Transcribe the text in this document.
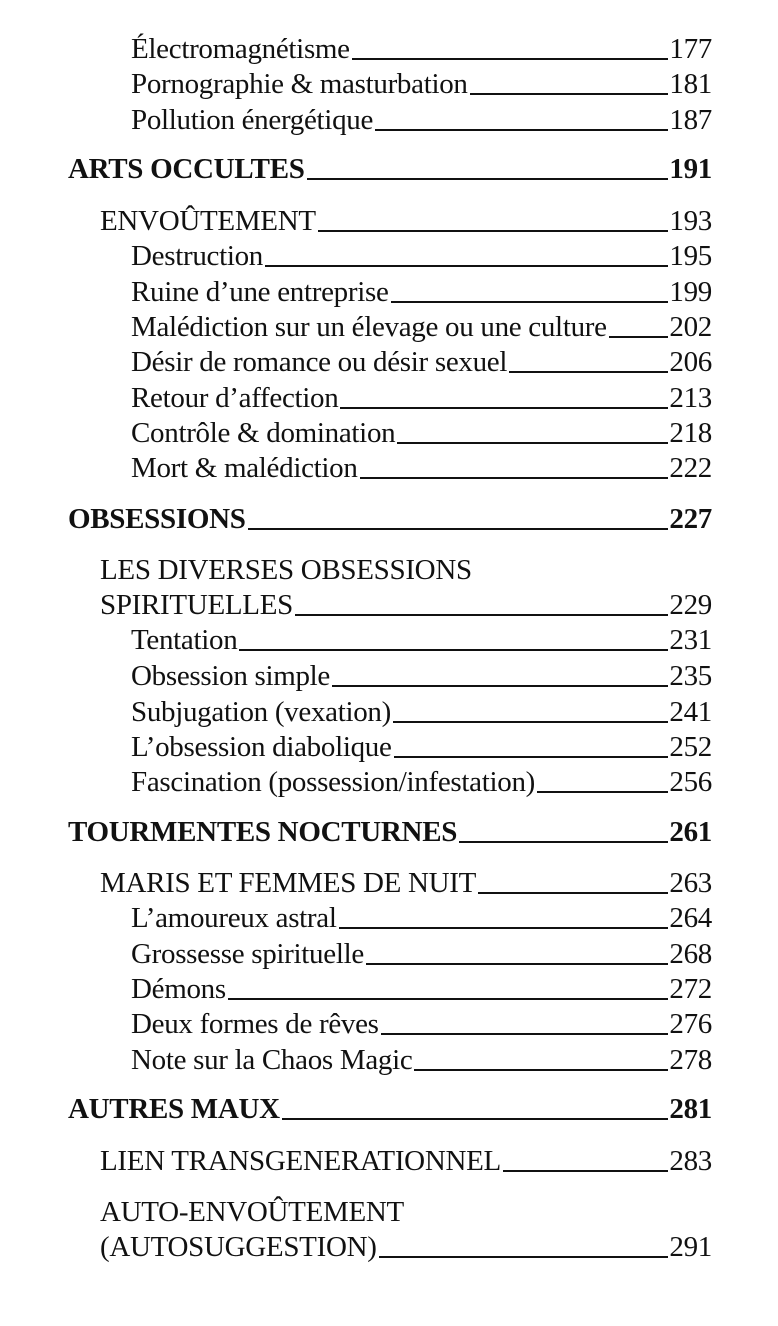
Électromagnétisme	177
Pornographie & masturbation	181
Pollution énergétique	187
ARTS OCCULTES	191
ENVOÛTEMENT	193
Destruction	195
Ruine d’une entreprise	199
Malédiction sur un élevage ou une culture 202
Désir de romance ou désir sexuel	206
Retour d’affection	213
Contrôle & domination	218
Mort & malédiction	222
OBSESSIONS	227
LES DIVERSES OBSESSIONS
SPIRITUELLES	229
Tentation	231
Obsession simple	235
Subjugation (vexation)	241
L’obsession diabolique	252
Fascination (possession/infestation)	256
TOURMENTES NOCTURNES	261
MARIS ET FEMMES DE NUIT	263
L’amoureux astral	264
Grossesse spirituelle	268
Démons	272
Deux formes de rêves	276
Note sur la Chaos Magic	278
AUTRES MAUX	281
LIEN TRANSGENERATIONNEL	283
AUTO-ENVOÛTEMENT
(AUTOSUGGESTION)	291
